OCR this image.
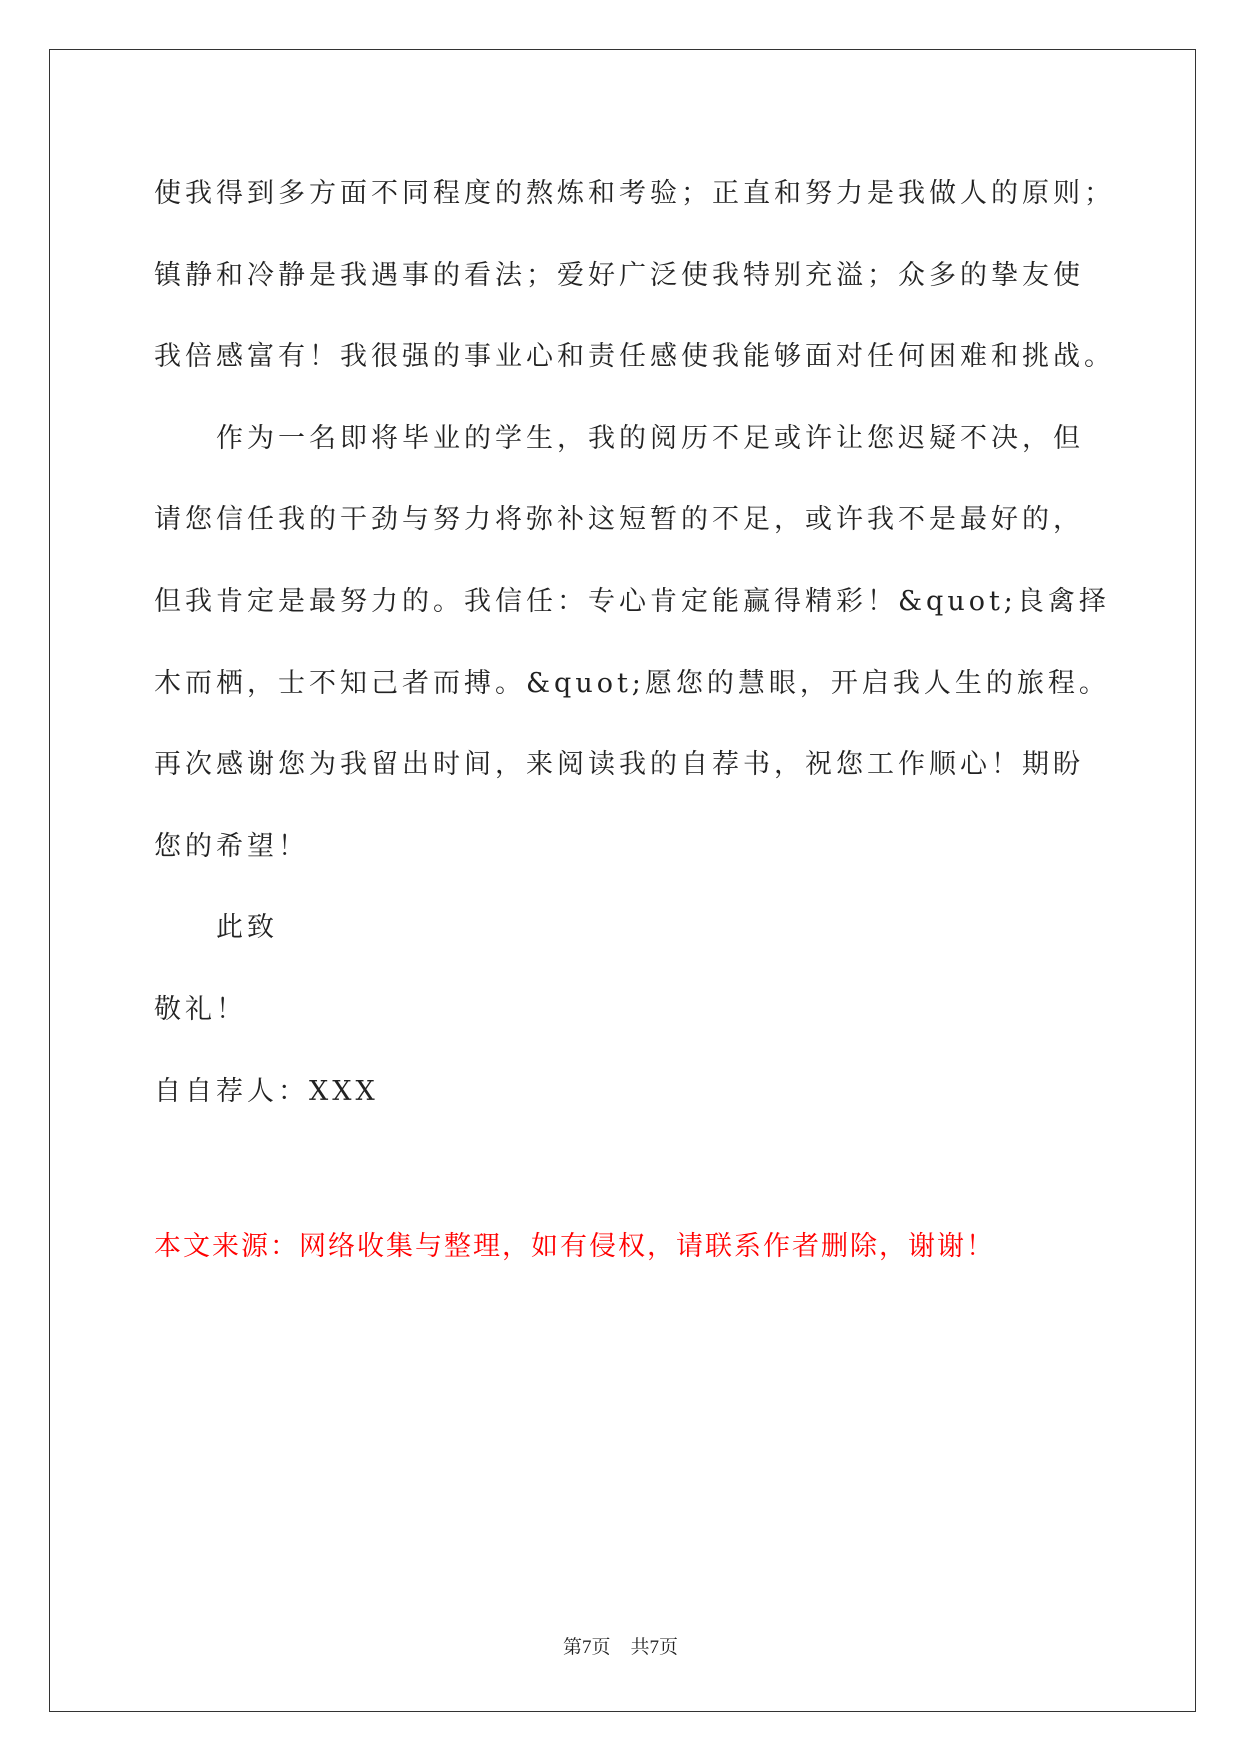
使我得到多方面不同程度的熬炼和考验；正直和努力是我做人的原则；
镇静和冷静是我遇事的看法；爱好广泛使我特别充溢；众多的挚友使
我倍感富有！我很强的事业心和责任感使我能够面对任何困难和挑战。
作为一名即将毕业的学生，我的阅历不足或许让您迟疑不决，但
请您信任我的干劲与努力将弥补这短暂的不足，或许我不是最好的，
但我肯定是最努力的。我信任：专心肯定能赢得精彩！&quot;良禽择
木而栖，士不知己者而搏。&quot;愿您的慧眼，开启我人生的旅程。
再次感谢您为我留出时间，来阅读我的自荐书，祝您工作顺心！期盼
您的希望！
此致
敬礼！
自自荐人：XXX
本文来源：网络收集与整理，如有侵权，请联系作者删除，谢谢！
第7页 共7页
